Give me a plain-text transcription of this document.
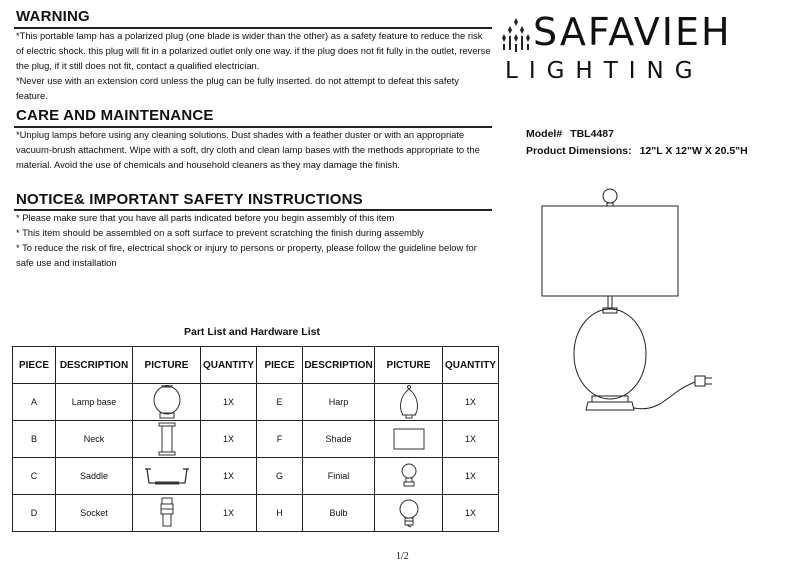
WARNING

*This portable lamp has a polarized plug (one blade is wider than the other) as a safety feature to reduce the risk of electric shock. this plug will fit in a polarized outlet only one way. if the plug does not fit fully in the outlet, reverse the plug, if it still does not fit, contact a qualified electrician.

*Never use with an extension cord unless the plug can be fully inserted. do not attempt to defeat this safety feature.

CARE AND MAINTENANCE

*Unplug lamps before using any cleaning solutions. Dust shades with a feather duster or with an appropriate vacuum-brush attachment. Wipe with a soft, dry cloth and clean lamp bases with the methods appropriate to the material. Avoid the use of chemicals and household cleaners as they may damage the finish.

NOTICE& IMPORTANT SAFETY INSTRUCTIONS

* Please make sure that you have all parts indicated before you begin assembly of this item

* This item should be assembled on a soft surface to prevent scratching the finish during assembly

* To reduce the risk of fire, electrical shock or injury to persons or property, please follow the guideline below for safe use and installation

SAFAVIEH
LIGHTING
Model# TBL4487
Product Dimensions: 12"L X 12"W X 20.5"H
Part List and Hardware List
PIECE	DESCRIPTION	PICTURE	QUANTITY	PIECE	DESCRIPTION	PICTURE	QUANTITY
A	Lamp base		1X	E	Harp		1X
B	Neck		1X	F	Shade		1X
C	Saddle		1X	G	Finial		1X
D	Socket		1X	H	Bulb		1X
1/2
